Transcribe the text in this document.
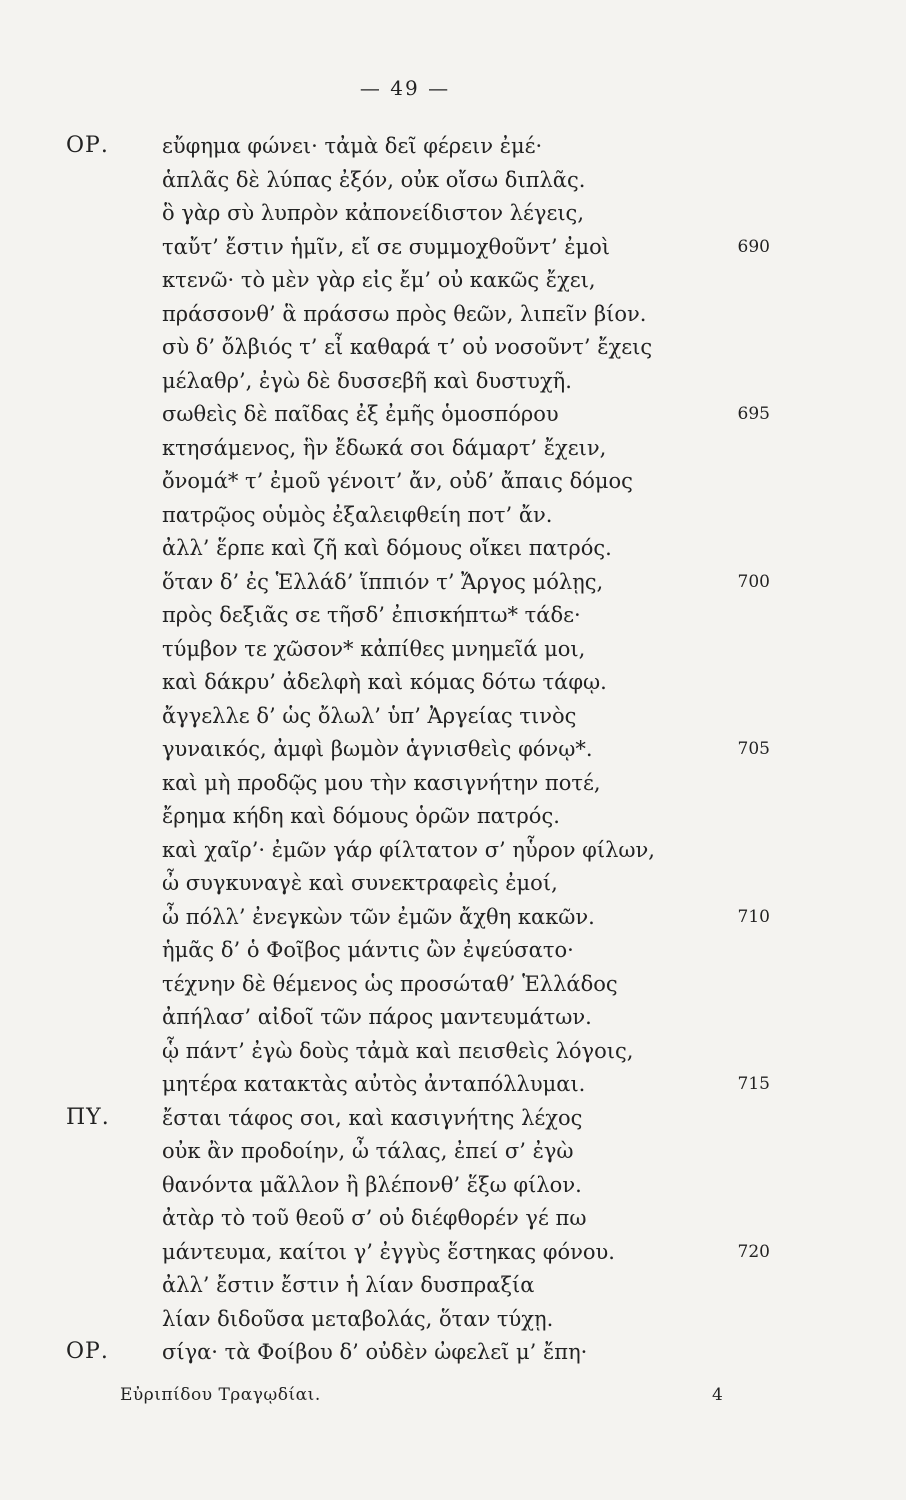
— 49 —
ΟΡ.	εὔφημα φώνει· τἀμὰ δεῖ φέρειν ἐμέ·
ἁπλᾶς δὲ λύπας ἐξόν, οὐκ οἴσω διπλᾶς.
ὃ γὰρ σὺ λυπρὸν κἀπονείδιστον λέγεις,
ταὔτ’ ἔστιν ἡμῖν, εἴ σε συμμοχθοῦντ’ ἐμοὶ	690
κτενῶ· τὸ μὲν γὰρ εἰς ἔμ’ οὐ κακῶς ἔχει,
πράσσονθ’ ἃ πράσσω πρὸς θεῶν, λιπεῖν βίον.
σὺ δ’ ὄλβιός τ’ εἶ καθαρά τ’ οὐ νοσοῦντ’ ἔχεις
μέλαθρ’, ἐγὼ δὲ δυσσεβῆ καὶ δυστυχῆ.
σωθεὶς δὲ παῖδας ἐξ ἐμῆς ὁμοσπόρου	695
κτησάμενος, ἣν ἔδωκά σοι δάμαρτ’ ἔχειν,
ὄνομά* τ’ ἐμοῦ γένοιτ’ ἄν, οὐδ’ ἄπαις δόμος
πατρῷος οὑμὸς ἐξαλειφθείη ποτ’ ἄν.
ἀλλ’ ἕρπε καὶ ζῆ καὶ δόμους οἴκει πατρός.
ὅταν δ’ ἐς Ἑλλάδ’ ἵππιόν τ’ Ἄργος μόλῃς,	700
πρὸς δεξιᾶς σε τῆσδ’ ἐπισκήπτω* τάδε·
τύμβον τε χῶσον* κἀπίθες μνημεῖά μοι,
καὶ δάκρυ’ ἀδελφὴ καὶ κόμας δότω τάφῳ.
ἄγγελλε δ’ ὡς ὄλωλ’ ὑπ’ Ἀργείας τινὸς
γυναικός, ἀμφὶ βωμὸν ἁγνισθεὶς φόνῳ*.	705
καὶ μὴ προδῷς μου τὴν κασιγνήτην ποτέ,
ἔρημα κήδη καὶ δόμους ὁρῶν πατρός.
καὶ χαῖρ’· ἐμῶν γάρ φίλτατον σ’ ηὗρον φίλων,
ὦ συγκυναγὲ καὶ συνεκτραφεὶς ἐμοί,
ὦ πόλλ’ ἐνεγκὼν τῶν ἐμῶν ἄχθη κακῶν.	710
ἡμᾶς δ’ ὁ Φοῖβος μάντις ὢν ἐψεύσατο·
τέχνην δὲ θέμενος ὡς προσώταθ’ Ἑλλάδος
ἀπήλασ’ αἰδοῖ τῶν πάρος μαντευμάτων.
ᾧ πάντ’ ἐγὼ δοὺς τἀμὰ καὶ πεισθεὶς λόγοις,
μητέρα κατακτὰς αὐτὸς ἀνταπόλλυμαι.	715
ΠΥ. ἔσται τάφος σοι, καὶ κασιγνήτης λέχος
οὐκ ἂν προδοίην, ὦ τάλας, ἐπεί σ’ ἐγὼ
θανόντα μᾶλλον ἢ βλέπονθ’ ἕξω φίλον.
ἀτὰρ τὸ τοῦ θεοῦ σ’ οὐ διέφθορέν γέ πω
μάντευμα, καίτοι γ’ ἐγγὺς ἕστηκας φόνου.	720
ἀλλ’ ἔστιν ἔστιν ἡ λίαν δυσπραξία
λίαν διδοῦσα μεταβολάς, ὅταν τύχῃ.
ΟΡ.	σίγα· τὰ Φοίβου δ’ οὐδὲν ὠφελεῖ μ’ ἔπη·
Εὐριπίδου Τραγῳδίαι.	4
